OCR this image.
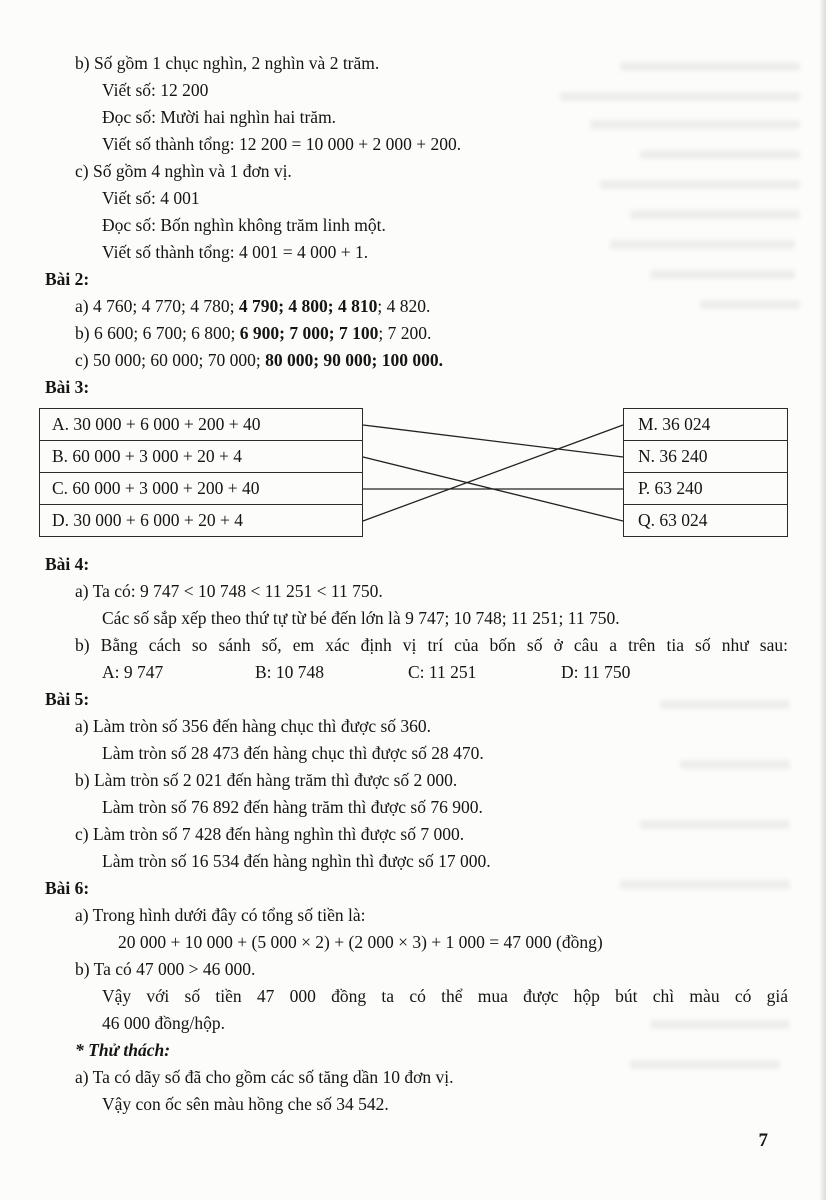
b) Số gồm 1 chục nghìn, 2 nghìn và 2 trăm.
Viết số: 12 200
Đọc số: Mười hai nghìn hai trăm.
Viết số thành tổng: 12 200 = 10 000 + 2 000 + 200.
c) Số gồm 4 nghìn và 1 đơn vị.
Viết số: 4 001
Đọc số: Bốn nghìn không trăm linh một.
Viết số thành tổng: 4 001 = 4 000 + 1.
Bài 2:
a) 4 760; 4 770; 4 780; 4 790; 4 800; 4 810; 4 820.
b) 6 600; 6 700; 6 800; 6 900; 7 000; 7 100; 7 200.
c) 50 000; 60 000; 70 000; 80 000; 90 000; 100 000.
Bài 3:
A. 30 000 + 6 000 + 200 + 40
B. 60 000 + 3 000 + 20 + 4
C. 60 000 + 3 000 + 200 + 40
D. 30 000 + 6 000 + 20 + 4
M. 36 024
N. 36 240
P. 63 240
Q. 63 024
Bài 4:
a) Ta có: 9 747 < 10 748 < 11 251 < 11 750.
Các số sắp xếp theo thứ tự từ bé đến lớn là 9 747; 10 748; 11 251; 11 750.
b) Bằng cách so sánh số, em xác định vị trí của bốn số ở câu a trên tia số như sau:
A: 9 747	B: 10 748	C: 11 251	D: 11 750
Bài 5:
a) Làm tròn số 356 đến hàng chục thì được số 360.
Làm tròn số 28 473 đến hàng chục thì được số 28 470.
b) Làm tròn số 2 021 đến hàng trăm thì được số 2 000.
Làm tròn số 76 892 đến hàng trăm thì được số 76 900.
c) Làm tròn số 7 428 đến hàng nghìn thì được số 7 000.
Làm tròn số 16 534 đến hàng nghìn thì được số 17 000.
Bài 6:
a) Trong hình dưới đây có tổng số tiền là:
20 000 + 10 000 + (5 000 × 2) + (2 000 × 3) + 1 000 = 47 000 (đồng)
b) Ta có 47 000 > 46 000.
Vậy với số tiền 47 000 đồng ta có thể mua được hộp bút chì màu có giá
46 000 đồng/hộp.
* Thử thách:
a) Ta có dãy số đã cho gồm các số tăng dần 10 đơn vị.
Vậy con ốc sên màu hồng che số 34 542.
7
